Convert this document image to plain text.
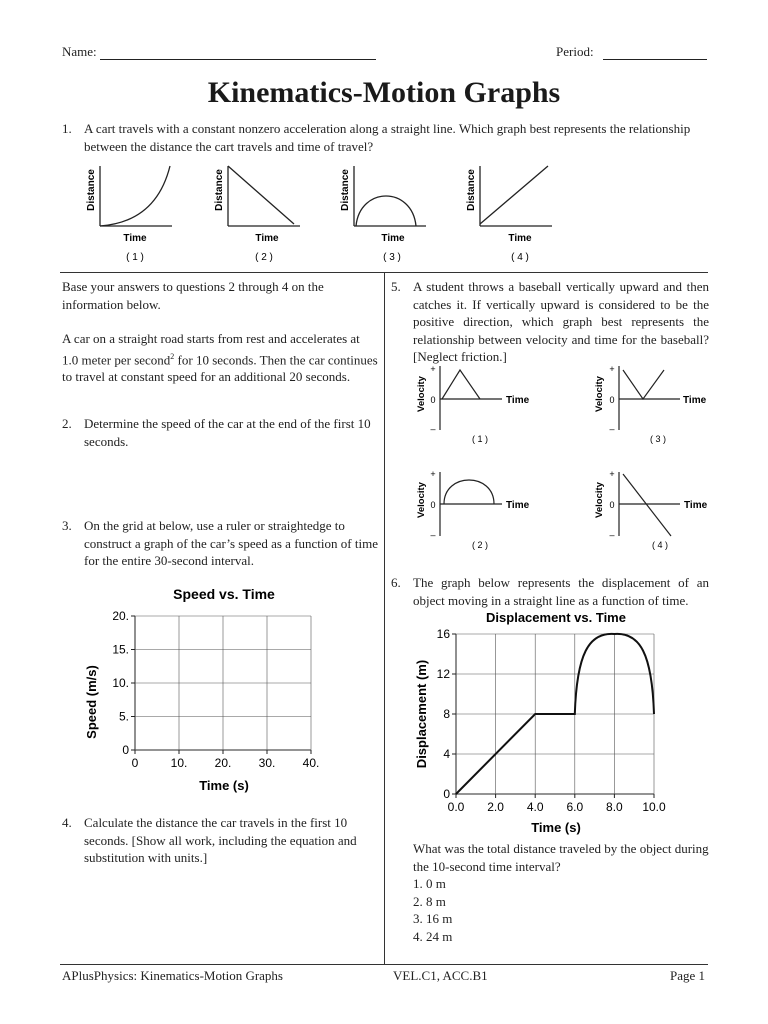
Name:	Period:
Kinematics-Motion Graphs
1. A cart travels with a constant nonzero acceleration along a straight line. Which graph best represents the relationship between the distance the cart travels and time of travel?
Distance
Time
( 1 )
Distance
Time
( 2 )
Distance
Time
( 3 )
Distance
Time
( 4 )
Base your answers to questions 2 through 4 on the information below.
A car on a straight road starts from rest and accelerates at 1.0 meter per second$^2$ for 10 seconds. Then the car continues to travel at constant speed for an additional 20 seconds.
2. Determine the speed of the car at the end of the first 10 seconds.
3. On the grid at below, use a ruler or straightedge to construct a graph of the car’s speed as a function of time for the entire 30-second interval.
Speed vs. Time
Time (s)
Speed (m/s)
0	10. 20. 30. 40.
0
5.
10.
15.
20.
4. Calculate the distance the car travels in the first 10 seconds. [Show all work, including the equation and substitution with units.]
5. A student throws a baseball vertically upward and then catches it. If vertically upward is considered to be the positive direction, which graph best represents the relationship between velocity and time for the baseball? [Neglect friction.]
Velocity
+
0
–
Time
( 1 )
Velocity
+
0
–
Time
( 3 )
Velocity
+
0
–
Time
( 2 )
Velocity
+
0
–
Time
( 4 )
6. The graph below represents the displacement of an object moving in a straight line as a function of time.
Displacement vs. Time
Time (s)
Displacement (m)
0.0 2.0 4.0 6.0 8.0 10.0
0
4
8
12
16
What was the total distance traveled by the object during the 10-second time interval?
1. 0 m
2. 8 m
3. 16 m
4. 24 m
APlusPhysics: Kinematics-Motion Graphs	VEL.C1, ACC.B1	Page 1
